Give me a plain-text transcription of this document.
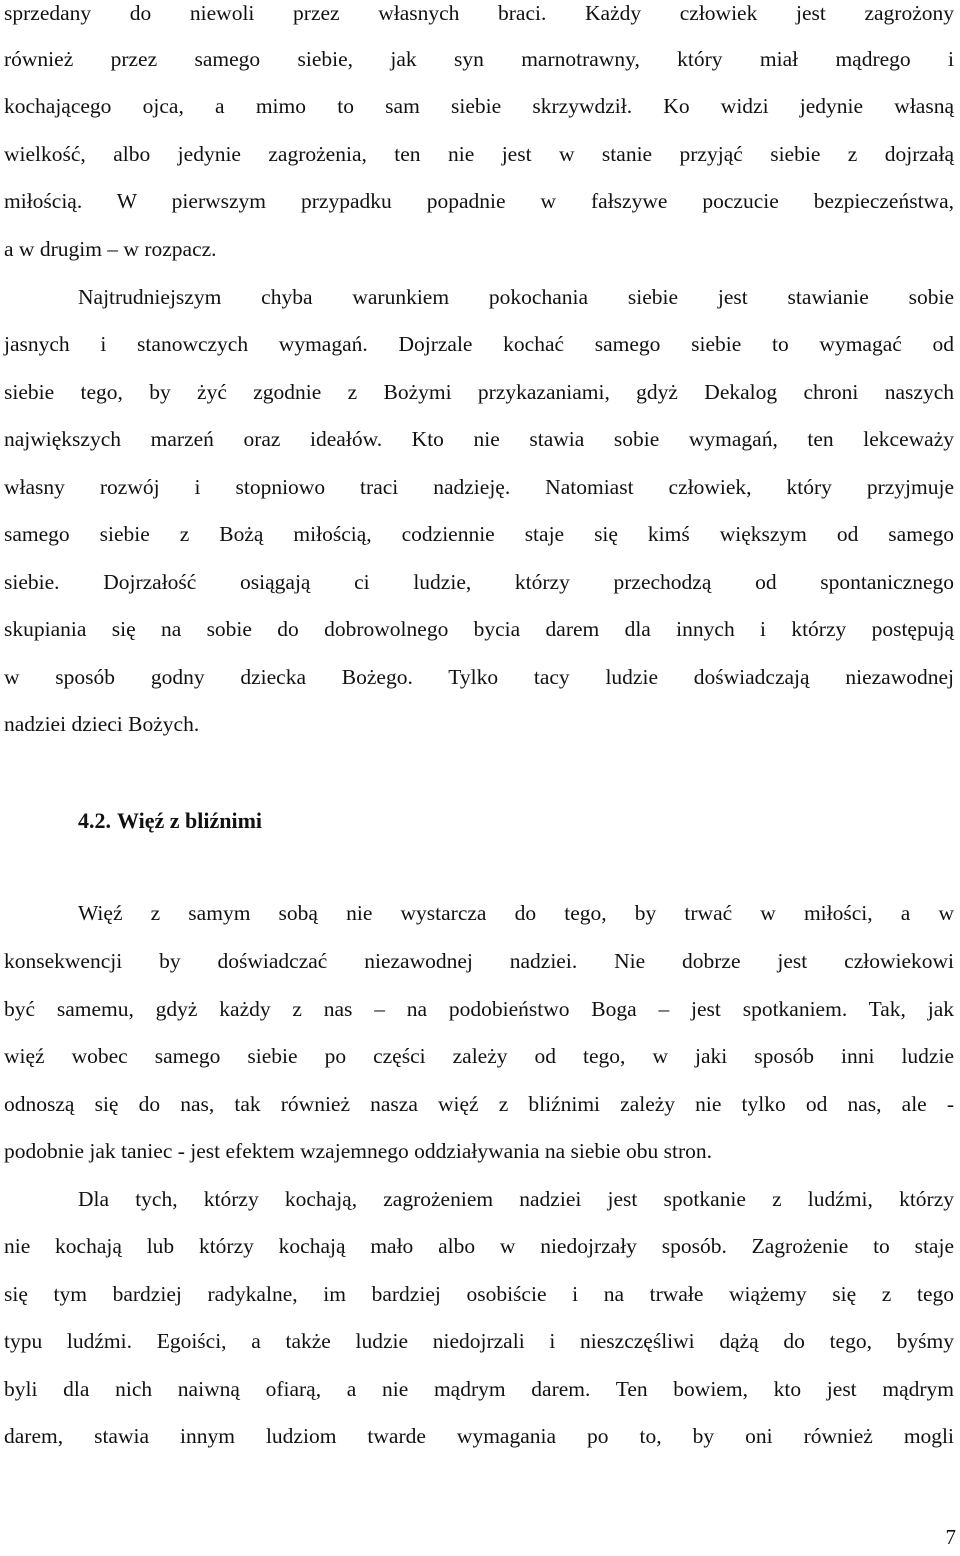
sprzedany do niewoli przez własnych braci. Każdy człowiek jest zagrożony
również przez samego siebie, jak syn marnotrawny, który miał mądrego i
kochającego ojca, a mimo to sam siebie skrzywdził. Ko widzi jedynie własną
wielkość, albo jedynie zagrożenia, ten nie jest w stanie przyjąć siebie z dojrzałą
miłością. W pierwszym przypadku popadnie w fałszywe poczucie bezpieczeństwa,
a w drugim – w rozpacz.
Najtrudniejszym chyba warunkiem pokochania siebie jest stawianie sobie
jasnych i stanowczych wymagań. Dojrzale kochać samego siebie to wymagać od
siebie tego, by żyć zgodnie z Bożymi przykazaniami, gdyż Dekalog chroni naszych
największych marzeń oraz ideałów. Kto nie stawia sobie wymagań, ten lekceważy
własny rozwój i stopniowo traci nadzieję. Natomiast człowiek, który przyjmuje
samego siebie z Bożą miłością, codziennie staje się kimś większym od samego
siebie. Dojrzałość osiągają ci ludzie, którzy przechodzą od spontanicznego
skupiania się na sobie do dobrowolnego bycia darem dla innych i którzy postępują
w sposób godny dziecka Bożego. Tylko tacy ludzie doświadczają niezawodnej
nadziei dzieci Bożych.
4.2. Więź z bliźnimi
Więź z samym sobą nie wystarcza do tego, by trwać w miłości, a w
konsekwencji by doświadczać niezawodnej nadziei. Nie dobrze jest człowiekowi
być samemu, gdyż każdy z nas – na podobieństwo Boga – jest spotkaniem. Tak, jak
więź wobec samego siebie po części zależy od tego, w jaki sposób inni ludzie
odnoszą się do nas, tak również nasza więź z bliźnimi zależy nie tylko od nas, ale -
podobnie jak taniec - jest efektem wzajemnego oddziaływania na siebie obu stron.
Dla tych, którzy kochają, zagrożeniem nadziei jest spotkanie z ludźmi, którzy
nie kochają lub którzy kochają mało albo w niedojrzały sposób. Zagrożenie to staje
się tym bardziej radykalne, im bardziej osobiście i na trwałe wiążemy się z tego
typu ludźmi. Egoiści, a także ludzie niedojrzali i nieszczęśliwi dążą do tego, byśmy
byli dla nich naiwną ofiarą, a nie mądrym darem. Ten bowiem, kto jest mądrym
darem, stawia innym ludziom twarde wymagania po to, by oni również mogli
7
